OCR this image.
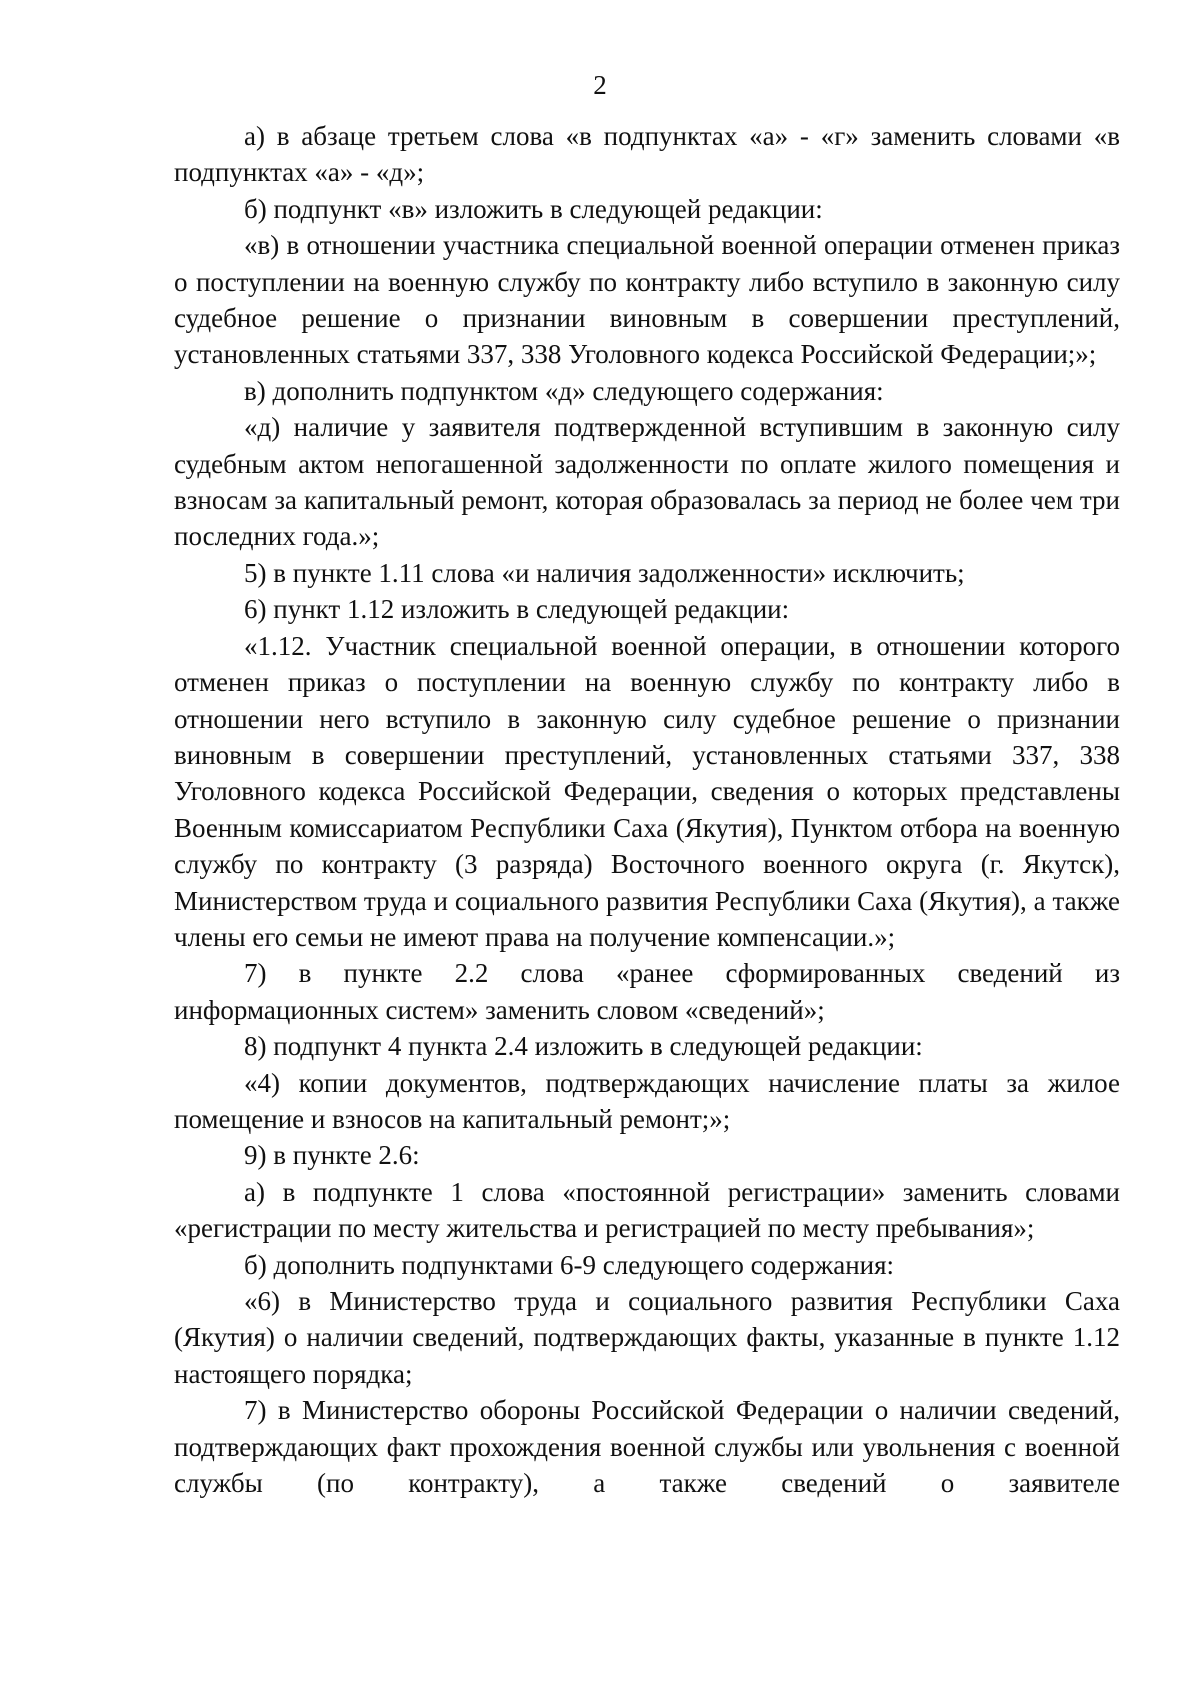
2

а) в абзаце третьем слова «в подпунктах «а» - «г» заменить словами «в подпунктах «а» - «д»;

б) подпункт «в» изложить в следующей редакции:

«в) в отношении участника специальной военной операции отменен приказ о поступлении на военную службу по контракту либо вступило в законную силу судебное решение о признании виновным в совершении преступлений, установленных статьями 337, 338 Уголовного кодекса Российской Федерации;»;

в) дополнить подпунктом «д» следующего содержания:

«д) наличие у заявителя подтвержденной вступившим в законную силу судебным актом непогашенной задолженности по оплате жилого помещения и взносам за капитальный ремонт, которая образовалась за период не более чем три последних года.»;

5) в пункте 1.11 слова «и наличия задолженности» исключить;

6) пункт 1.12 изложить в следующей редакции:

«1.12. Участник специальной военной операции, в отношении которого отменен приказ о поступлении на военную службу по контракту либо в отношении него вступило в законную силу судебное решение о признании виновным в совершении преступлений, установленных статьями 337, 338 Уголовного кодекса Российской Федерации, сведения о которых представлены Военным комиссариатом Республики Саха (Якутия), Пунктом отбора на военную службу по контракту (3 разряда) Восточного военного округа (г. Якутск), Министерством труда и социального развития Республики Саха (Якутия), а также члены его семьи не имеют права на получение компенсации.»;

7) в пункте 2.2 слова «ранее сформированных сведений из информационных систем» заменить словом «сведений»;

8) подпункт 4 пункта 2.4 изложить в следующей редакции:

«4) копии документов, подтверждающих начисление платы за жилое помещение и взносов на капитальный ремонт;»;

9) в пункте 2.6:

а) в подпункте 1 слова «постоянной регистрации» заменить словами «регистрации по месту жительства и регистрацией по месту пребывания»;

б) дополнить подпунктами 6-9 следующего содержания:

«6) в Министерство труда и социального развития Республики Саха (Якутия) о наличии сведений, подтверждающих факты, указанные в пункте 1.12 настоящего порядка;

7) в Министерство обороны Российской Федерации о наличии сведений, подтверждающих факт прохождения военной службы или увольнения с военной службы (по контракту), а также сведений о заявителе
